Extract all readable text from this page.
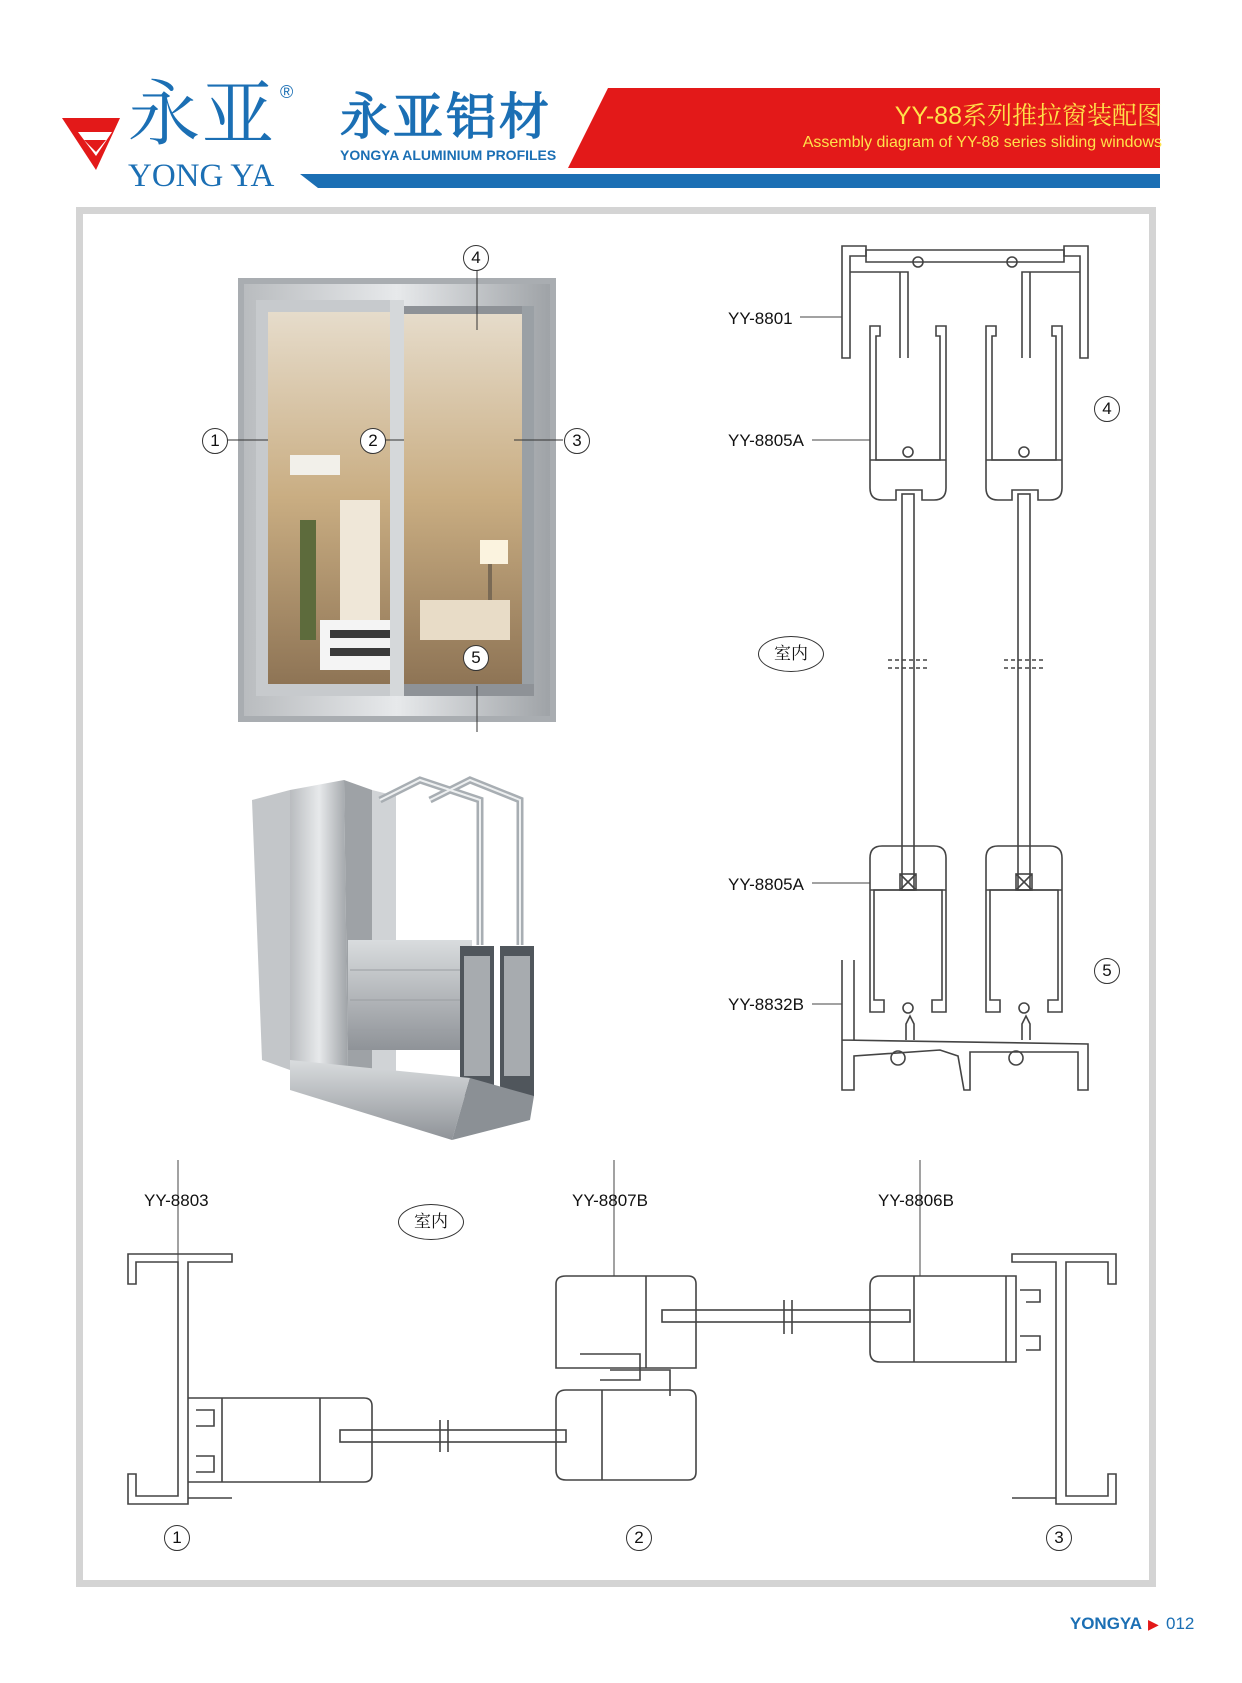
永亚 ®
YONG YA
永亚铝材
YONGYA ALUMINIUM PROFILES
YY-88系列推拉窗装配图
Assembly diagram of YY-88 series sliding windows
1	2	3
4
5
YY-8801
YY-8805A
YY-8805A
YY-8832B
室内
4
5
YY-8803	YY-8807B	YY-8806B
室内
1	2	3
YONGYA ▶ 012
